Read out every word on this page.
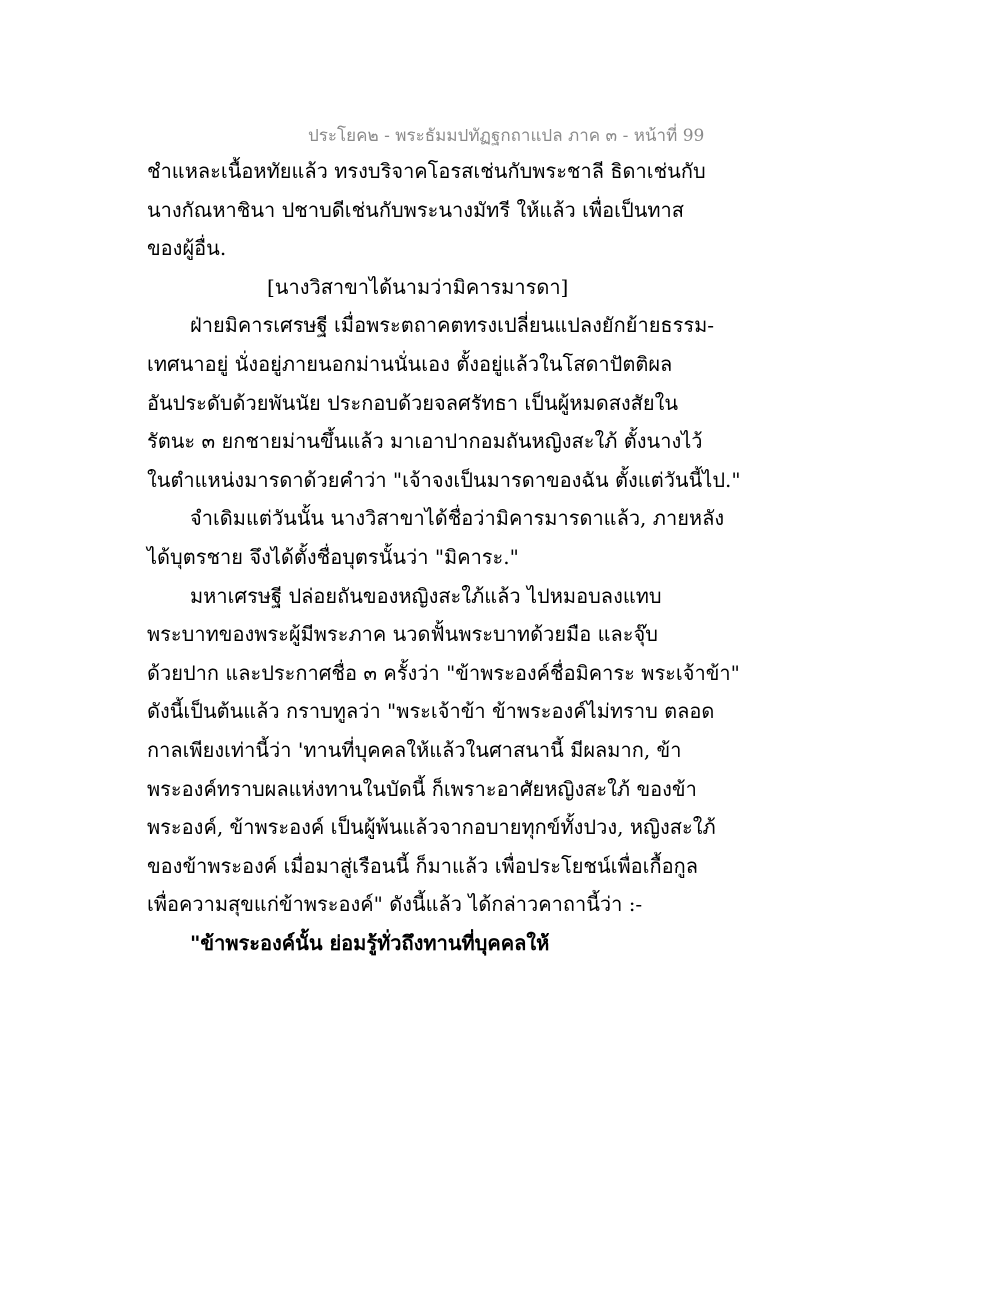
ประโยค๒ - พระธัมมปทัฏฐกถาแปล ภาค ๓ - หน้าที่ 99
ชำแหละเนื้อหทัยแล้ว ทรงบริจาคโอรสเช่นกับพระชาลี ธิดาเช่นกับ
นางกัณหาชินา ปชาบดีเช่นกับพระนางมัทรี ให้แล้ว เพื่อเป็นทาส
ของผู้อื่น.
[นางวิสาขาได้นามว่ามิคารมารดา]
ฝ่ายมิคารเศรษฐี เมื่อพระตถาคตทรงเปลี่ยนแปลงยักย้ายธรรม-
เทศนาอยู่ นั่งอยู่ภายนอกม่านนั่นเอง ตั้งอยู่แล้วในโสดาปัตติผล
อันประดับด้วยพันนัย ประกอบด้วยจลศรัทธา เป็นผู้หมดสงสัยใน
รัตนะ ๓ ยกชายม่านขึ้นแล้ว มาเอาปากอมถันหญิงสะใภ้ ตั้งนางไว้
ในตำแหน่งมารดาด้วยคำว่า "เจ้าจงเป็นมารดาของฉัน ตั้งแต่วันนี้ไป."
จำเดิมแต่วันนั้น นางวิสาขาได้ชื่อว่ามิคารมารดาแล้ว, ภายหลัง
ได้บุตรชาย จึงได้ตั้งชื่อบุตรนั้นว่า "มิคาระ."
มหาเศรษฐี ปล่อยถันของหญิงสะใภ้แล้ว ไปหมอบลงแทบ
พระบาทของพระผู้มีพระภาค นวดฟั้นพระบาทด้วยมือ และจุ๊บ
ด้วยปาก และประกาศชื่อ ๓ ครั้งว่า "ข้าพระองค์ชื่อมิคาระ พระเจ้าข้า"
ดังนี้เป็นต้นแล้ว กราบทูลว่า "พระเจ้าข้า ข้าพระองค์ไม่ทราบ ตลอด
กาลเพียงเท่านี้ว่า 'ทานที่บุคคลให้แล้วในศาสนานี้ มีผลมาก, ข้า
พระองค์ทราบผลแห่งทานในบัดนี้ ก็เพราะอาศัยหญิงสะใภ้ ของข้า
พระองค์, ข้าพระองค์ เป็นผู้พ้นแล้วจากอบายทุกข์ทั้งปวง, หญิงสะใภ้
ของข้าพระองค์ เมื่อมาสู่เรือนนี้ ก็มาแล้ว เพื่อประโยชน์เพื่อเกื้อกูล
เพื่อความสุขแก่ข้าพระองค์" ดังนี้แล้ว ได้กล่าวคาถานี้ว่า :-
"ข้าพระองค์นั้น ย่อมรู้ทั่วถึงทานที่บุคคลให้
